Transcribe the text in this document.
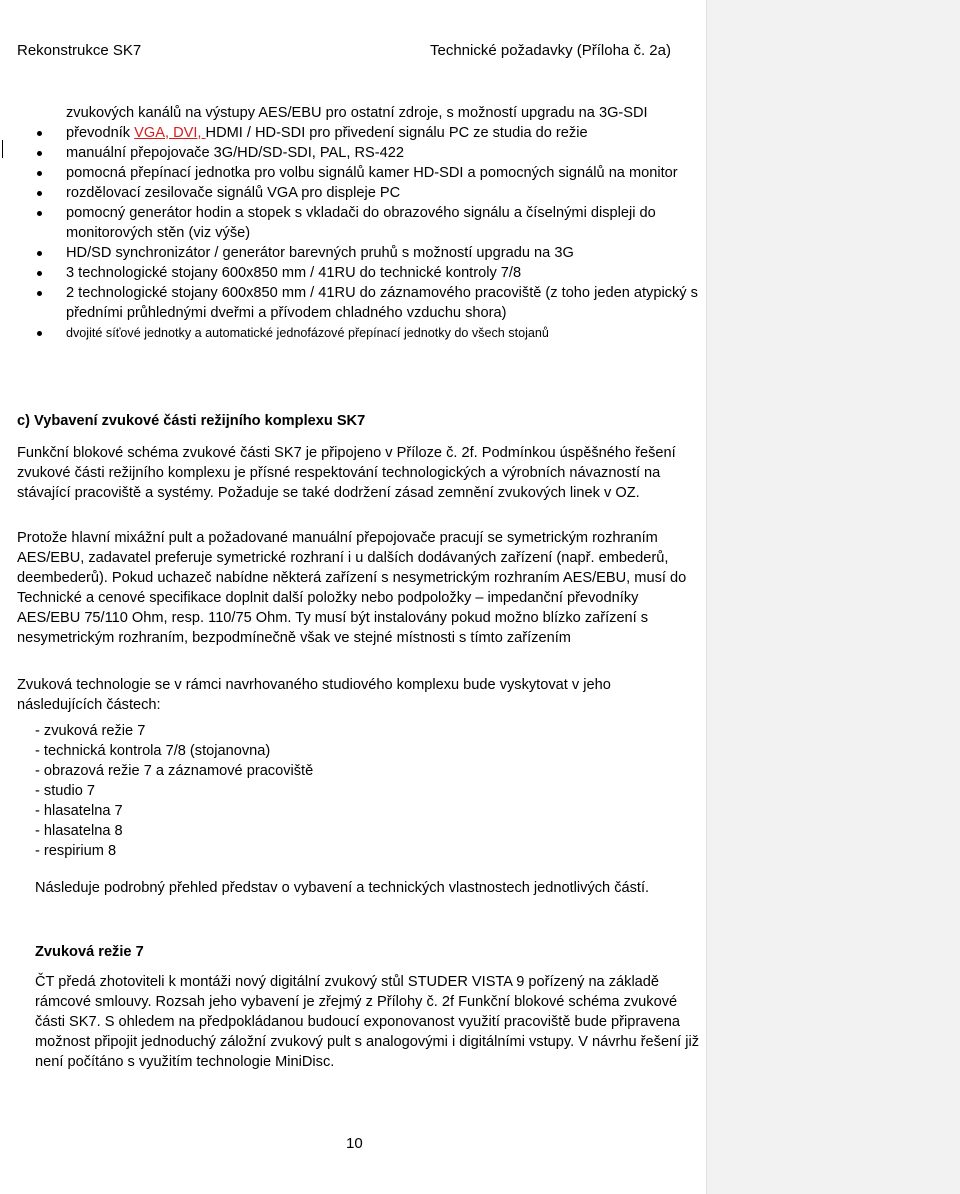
Rekonstrukce SK7	Technické požadavky (Příloha č. 2a)
zvukových kanálů na výstupy AES/EBU pro ostatní zdroje, s možností upgradu na 3G-SDI
převodník VGA, DVI, HDMI / HD-SDI pro přivedení signálu PC ze studia do režie
manuální přepojovače 3G/HD/SD-SDI, PAL, RS-422
pomocná přepínací jednotka pro volbu signálů kamer HD-SDI a pomocných signálů na monitor
rozdělovací zesilovače signálů VGA pro displeje PC
pomocný generátor hodin a stopek s vkladači do obrazového signálu a číselnými displeji do monitorových stěn (viz výše)
HD/SD synchronizátor / generátor barevných pruhů s možností upgradu na 3G
3 technologické stojany 600x850 mm / 41RU do technické kontroly 7/8
2 technologické stojany 600x850 mm / 41RU do záznamového pracoviště (z toho jeden atypický s předními průhlednými dveřmi a přívodem chladného vzduchu shora)
dvojité síťové jednotky a automatické jednofázové přepínací jednotky do všech stojanů
c) Vybavení zvukové části režijního komplexu SK7

Funkční blokové schéma zvukové části SK7 je připojeno v Příloze č. 2f. Podmínkou úspěšného řešení zvukové části režijního komplexu je přísné respektování technologických a výrobních návazností na stávající pracoviště a systémy. Požaduje se také dodržení zásad zemnění zvukových linek v OZ.

Protože hlavní mixážní pult a požadované manuální přepojovače pracují se symetrickým rozhraním AES/EBU, zadavatel preferuje symetrické rozhraní i u dalších dodávaných zařízení (např. embederů, deembederů). Pokud uchazeč nabídne některá zařízení s nesymetrickým rozhraním AES/EBU, musí do Technické a cenové specifikace doplnit další položky nebo podpoložky – impedanční převodníky AES/EBU 75/110 Ohm, resp. 110/75 Ohm. Ty musí být instalovány pokud možno blízko zařízení s nesymetrickým rozhraním, bezpodmínečně však ve stejné místnosti s tímto zařízením

Zvuková technologie se v rámci navrhovaného studiového komplexu bude vyskytovat v jeho následujících částech:

- zvuková režie 7
- technická kontrola 7/8 (stojanovna)
- obrazová režie 7 a záznamové pracoviště
- studio 7
- hlasatelna 7
- hlasatelna 8
- respirium 8

Následuje podrobný přehled představ o vybavení a technických vlastnostech jednotlivých částí.

Zvuková režie 7

ČT předá zhotoviteli k montáži nový digitální zvukový stůl STUDER VISTA 9 pořízený na základě rámcové smlouvy. Rozsah jeho vybavení je zřejmý z Přílohy č. 2f Funkční blokové schéma zvukové části SK7. S ohledem na předpokládanou budoucí exponovanost využití pracoviště bude připravena možnost připojit jednoduchý záložní zvukový pult s analogovými i digitálními vstupy. V návrhu řešení již není počítáno s využitím technologie MiniDisc.

10
